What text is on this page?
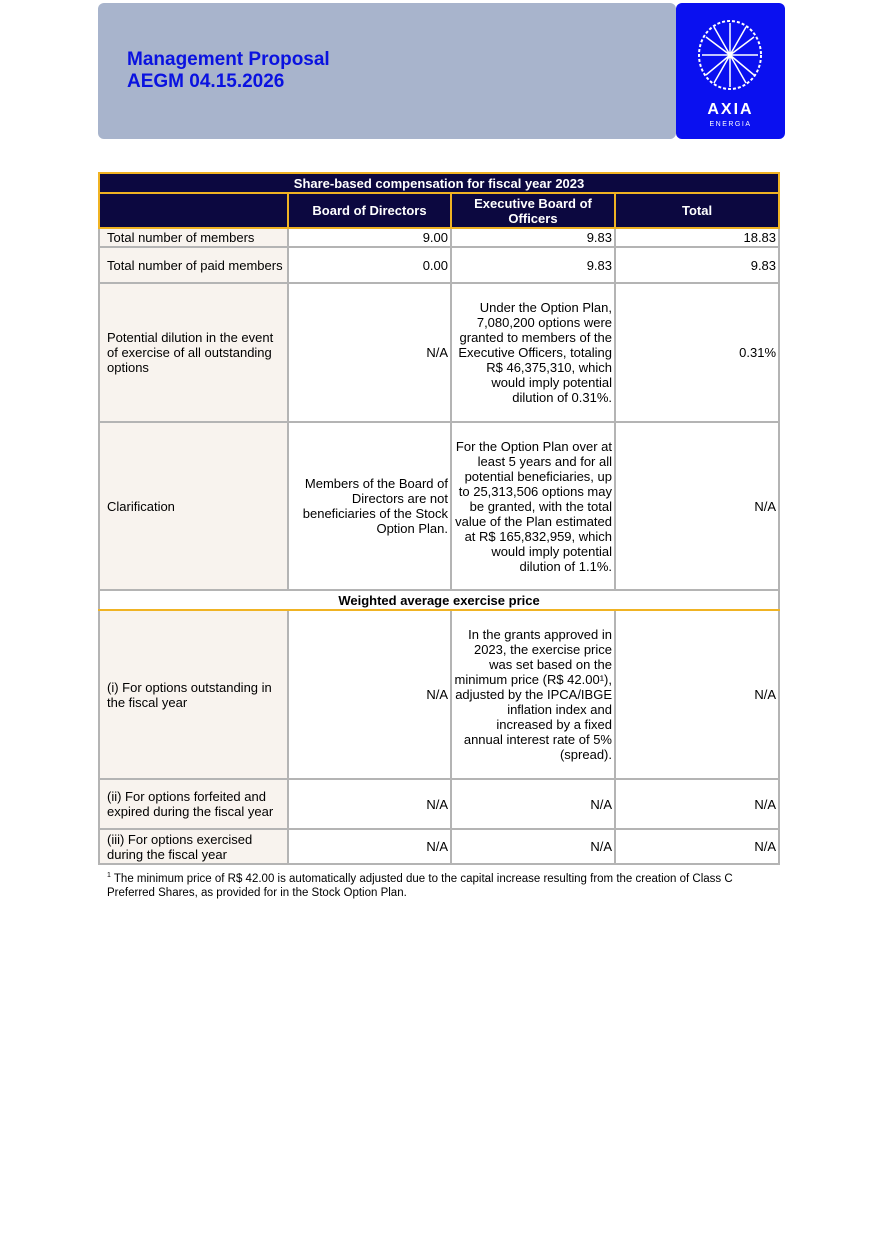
Management Proposal
AEGM 04.15.2026
AXIA
ENERGIA
Share-based compensation for fiscal year 2023			
	Board of Directors	Executive Board of Officers	Total
Total number of members	9.00	9.83	18.83
Total number of paid members	0.00	9.83	9.83
Potential dilution in the event of exercise of all outstanding options	N/A	Under the Option Plan, 7,080,200 options were granted to members of the Executive Officers, totaling R$ 46,375,310, which would imply potential dilution of 0.31%.	0.31%
Clarification	Members of the Board of Directors are not beneficiaries of the Stock Option Plan.	For the Option Plan over at least 5 years and for all potential beneficiaries, up to 25,313,506 options may be granted, with the total value of the Plan estimated at R$ 165,832,959, which would imply potential dilution of 1.1%.	N/A
Weighted average exercise price			
(i) For options outstanding in the fiscal year	N/A	In the grants approved in 2023, the exercise price was set based on the minimum price (R$ 42.00¹), adjusted by the IPCA/IBGE inflation index and increased by a fixed annual interest rate of 5% (spread).	N/A
(ii) For options forfeited and expired during the fiscal year	N/A	N/A	N/A
(iii) For options exercised during the fiscal year	N/A	N/A	N/A
$^1$ The minimum price of R$ 42.00 is automatically adjusted due to the capital increase resulting from the creation of Class C Preferred Shares, as provided for in the Stock Option Plan.
